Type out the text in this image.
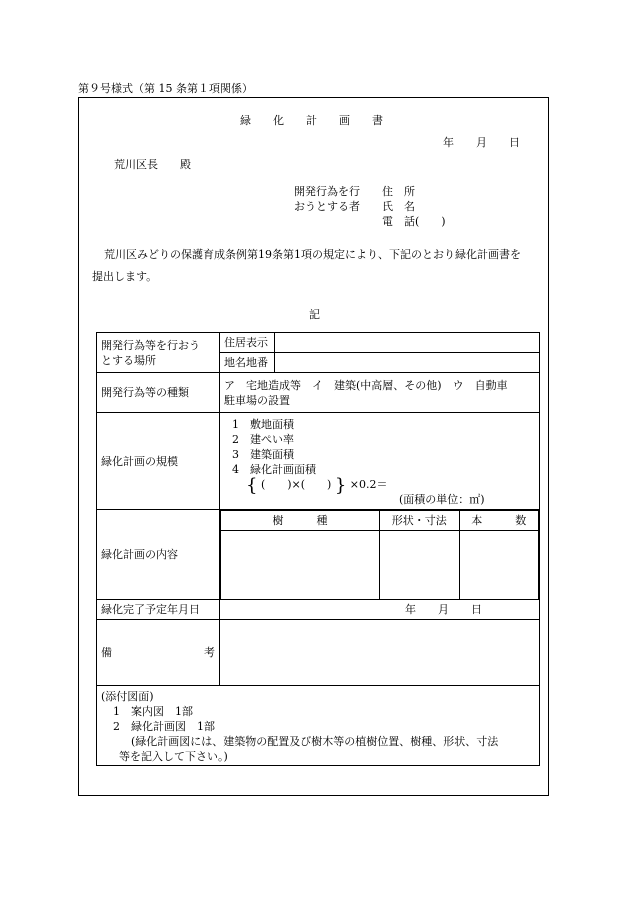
第９号様式（第 15 条第１項関係）
緑　　化　　計　　画　　書
年　　月　　日
荒川区長　　殿
開発行為を行
おうとする者
住　所
氏　名
電　話(　　)
荒川区みどりの保護育成条例第19条第1項の規定により、下記のとおり緑化計画書を
提出します。
記
開発行為等を行おう
とする場所
	住居表示	
地名地番	

開発行為等の種類

ア　宅地造成等　イ　建築(中高層、その他)　ウ　自動車
駐車場の設置

緑化計画の規模	
1　敷地面積
2　建ぺい率
3　建築面積
4　緑化計画面積
{ (　　)×(　　) } ×0.2＝
(面積の単位：㎡)

緑化計画の内容	
樹　　　種	形状・寸法	本　　　数

緑化完了予定年月日	年　　月　　日

備	考

(添付図面)
1　案内図　1部
2　緑化計画図　1部
(緑化計画図には、建築物の配置及び樹木等の植樹位置、樹種、形状、寸法
等を記入して下さい。)
